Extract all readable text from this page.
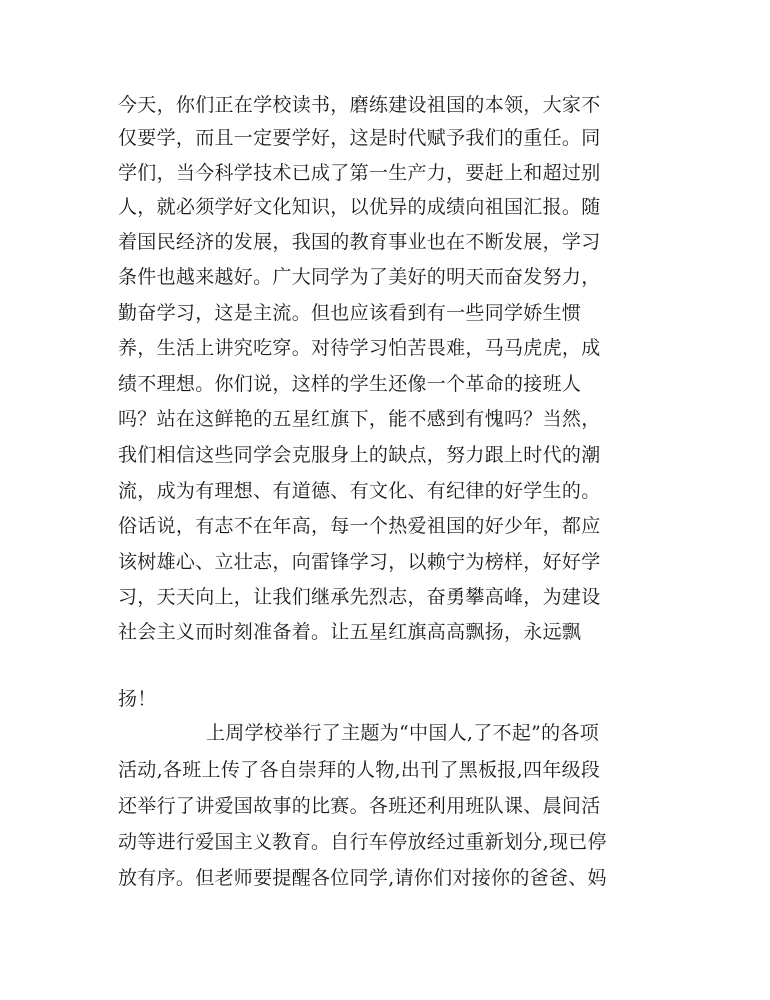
今天，你们正在学校读书，磨练建设祖国的本领，大家不
仅要学，而且一定要学好，这是时代赋予我们的重任。同
学们，当今科学技术已成了第一生产力，要赶上和超过别
人，就必须学好文化知识，以优异的成绩向祖国汇报。随
着国民经济的发展，我国的教育事业也在不断发展，学习
条件也越来越好。广大同学为了美好的明天而奋发努力，
勤奋学习，这是主流。但也应该看到有一些同学娇生惯
养，生活上讲究吃穿。对待学习怕苦畏难，马马虎虎，成
绩不理想。你们说，这样的学生还像一个革命的接班人
吗？站在这鲜艳的五星红旗下，能不感到有愧吗？当然，
我们相信这些同学会克服身上的缺点，努力跟上时代的潮
流，成为有理想、有道德、有文化、有纪律的好学生的。
俗话说，有志不在年高，每一个热爱祖国的好少年，都应
该树雄心、立壮志，向雷锋学习，以赖宁为榜样，好好学
习，天天向上，让我们继承先烈志，奋勇攀高峰，为建设
社会主义而时刻准备着。让五星红旗高高飘扬，永远飘
扬！
上周学校举行了主题为“中国人,了不起”的各项
活动,各班上传了各自崇拜的人物,出刊了黑板报,四年级段
还举行了讲爱国故事的比赛。各班还利用班队课、晨间活
动等进行爱国主义教育。自行车停放经过重新划分,现已停
放有序。但老师要提醒各位同学,请你们对接你的爸爸、妈
